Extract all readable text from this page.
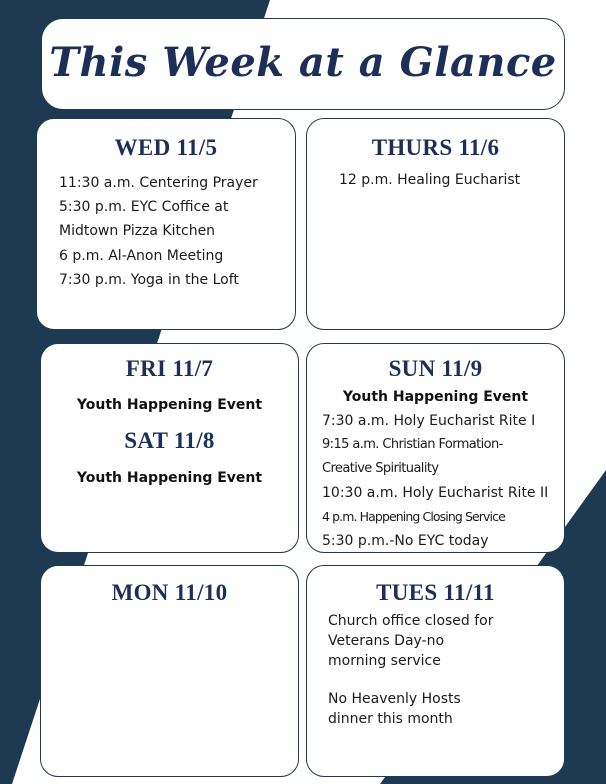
This Week at a Glance
WED 11/5
11:30 a.m. Centering Prayer
5:30 p.m. EYC Coffice at
Midtown Pizza Kitchen
6 p.m. Al-Anon Meeting
7:30 p.m. Yoga in the Loft
THURS 11/6
12 p.m. Healing Eucharist
FRI 11/7
Youth Happening Event
SAT 11/8
Youth Happening Event
SUN 11/9
Youth Happening Event
7:30 a.m. Holy Eucharist Rite I
9:15 a.m. Christian Formation-
Creative Spirituality
10:30 a.m. Holy Eucharist Rite II
4 p.m. Happening Closing Service
5:30 p.m.-No EYC today
MON 11/10	TUES 11/11
Church office closed for
Veterans Day-no
morning service
No Heavenly Hosts
dinner this month
